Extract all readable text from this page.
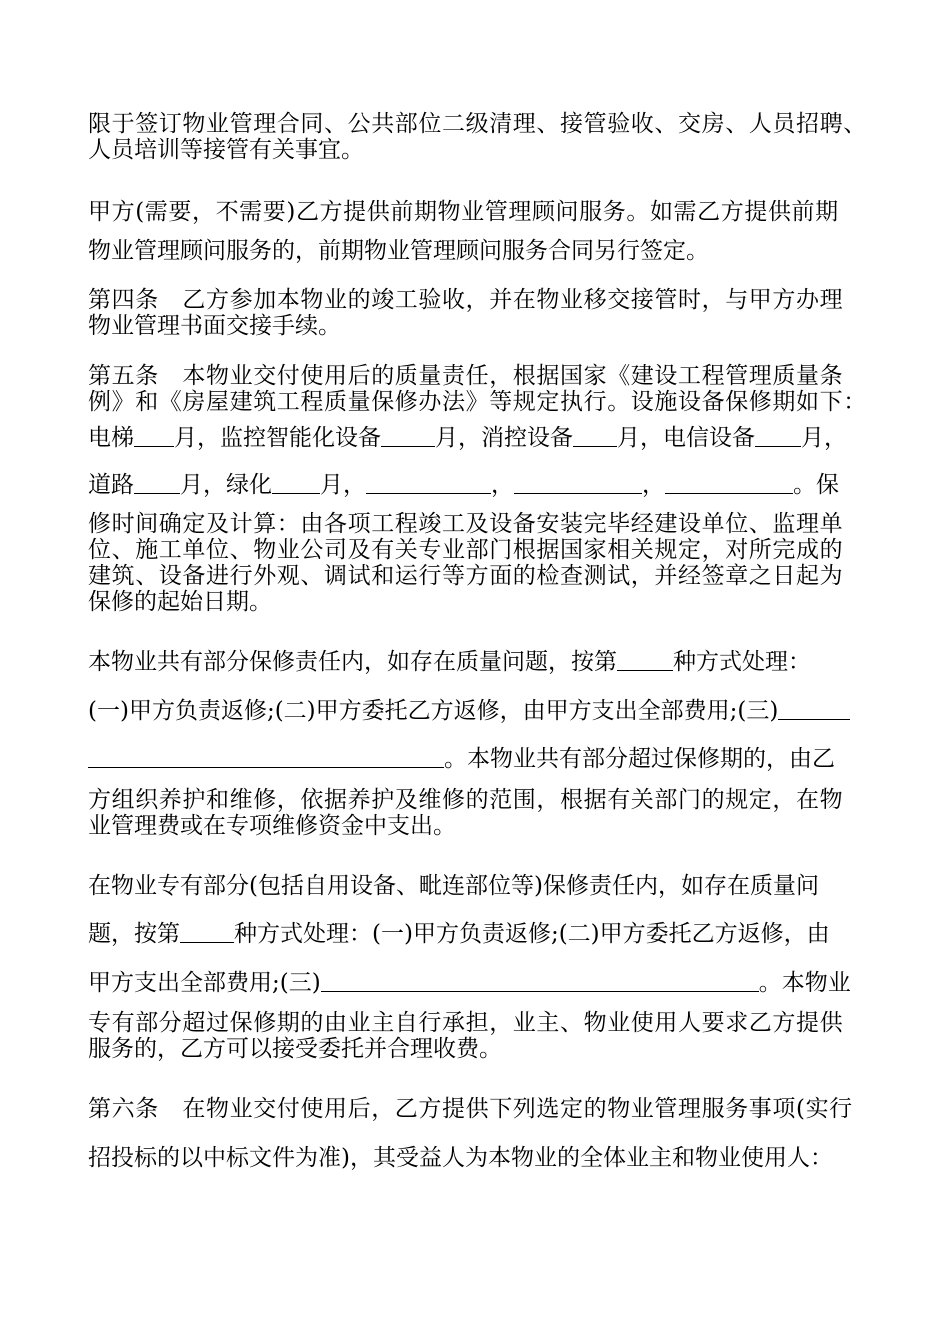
限于签订物业管理合同、公共部位二级清理、接管验收、交房、人员招聘、
人员培训等接管有关事宜。
甲方(需要，不需要)乙方提供前期物业管理顾问服务。如需乙方提供前期
物业管理顾问服务的，前期物业管理顾问服务合同另行签定。
第四条　乙方参加本物业的竣工验收，并在物业移交接管时，与甲方办理
物业管理书面交接手续。
第五条　本物业交付使用后的质量责任，根据国家《建设工程管理质量条
例》和《房屋建筑工程质量保修办法》等规定执行。设施设备保修期如下：
电梯 月，监控智能化设备 月，消控设备 月，电信设备 月，
道路 月，绿化 月，	，	，	。保
修时间确定及计算：由各项工程竣工及设备安装完毕经建设单位、监理单
位、施工单位、物业公司及有关专业部门根据国家相关规定，对所完成的
建筑、设备进行外观、调试和运行等方面的检查测试，并经签章之日起为
保修的起始日期。
本物业共有部分保修责任内，如存在质量问题，按第 种方式处理：
(一)甲方负责返修;(二)甲方委托乙方返修，由甲方支出全部费用;(三)
。本物业共有部分超过保修期的，由乙
方组织养护和维修，依据养护及维修的范围，根据有关部门的规定，在物
业管理费或在专项维修资金中支出。
在物业专有部分(包括自用设备、毗连部位等)保修责任内，如存在质量问
题，按第 种方式处理：(一)甲方负责返修;(二)甲方委托乙方返修，由
甲方支出全部费用;(三)	。本物业
专有部分超过保修期的由业主自行承担，业主、物业使用人要求乙方提供
服务的，乙方可以接受委托并合理收费。
第六条　在物业交付使用后，乙方提供下列选定的物业管理服务事项(实行
招投标的以中标文件为准)，其受益人为本物业的全体业主和物业使用人：
